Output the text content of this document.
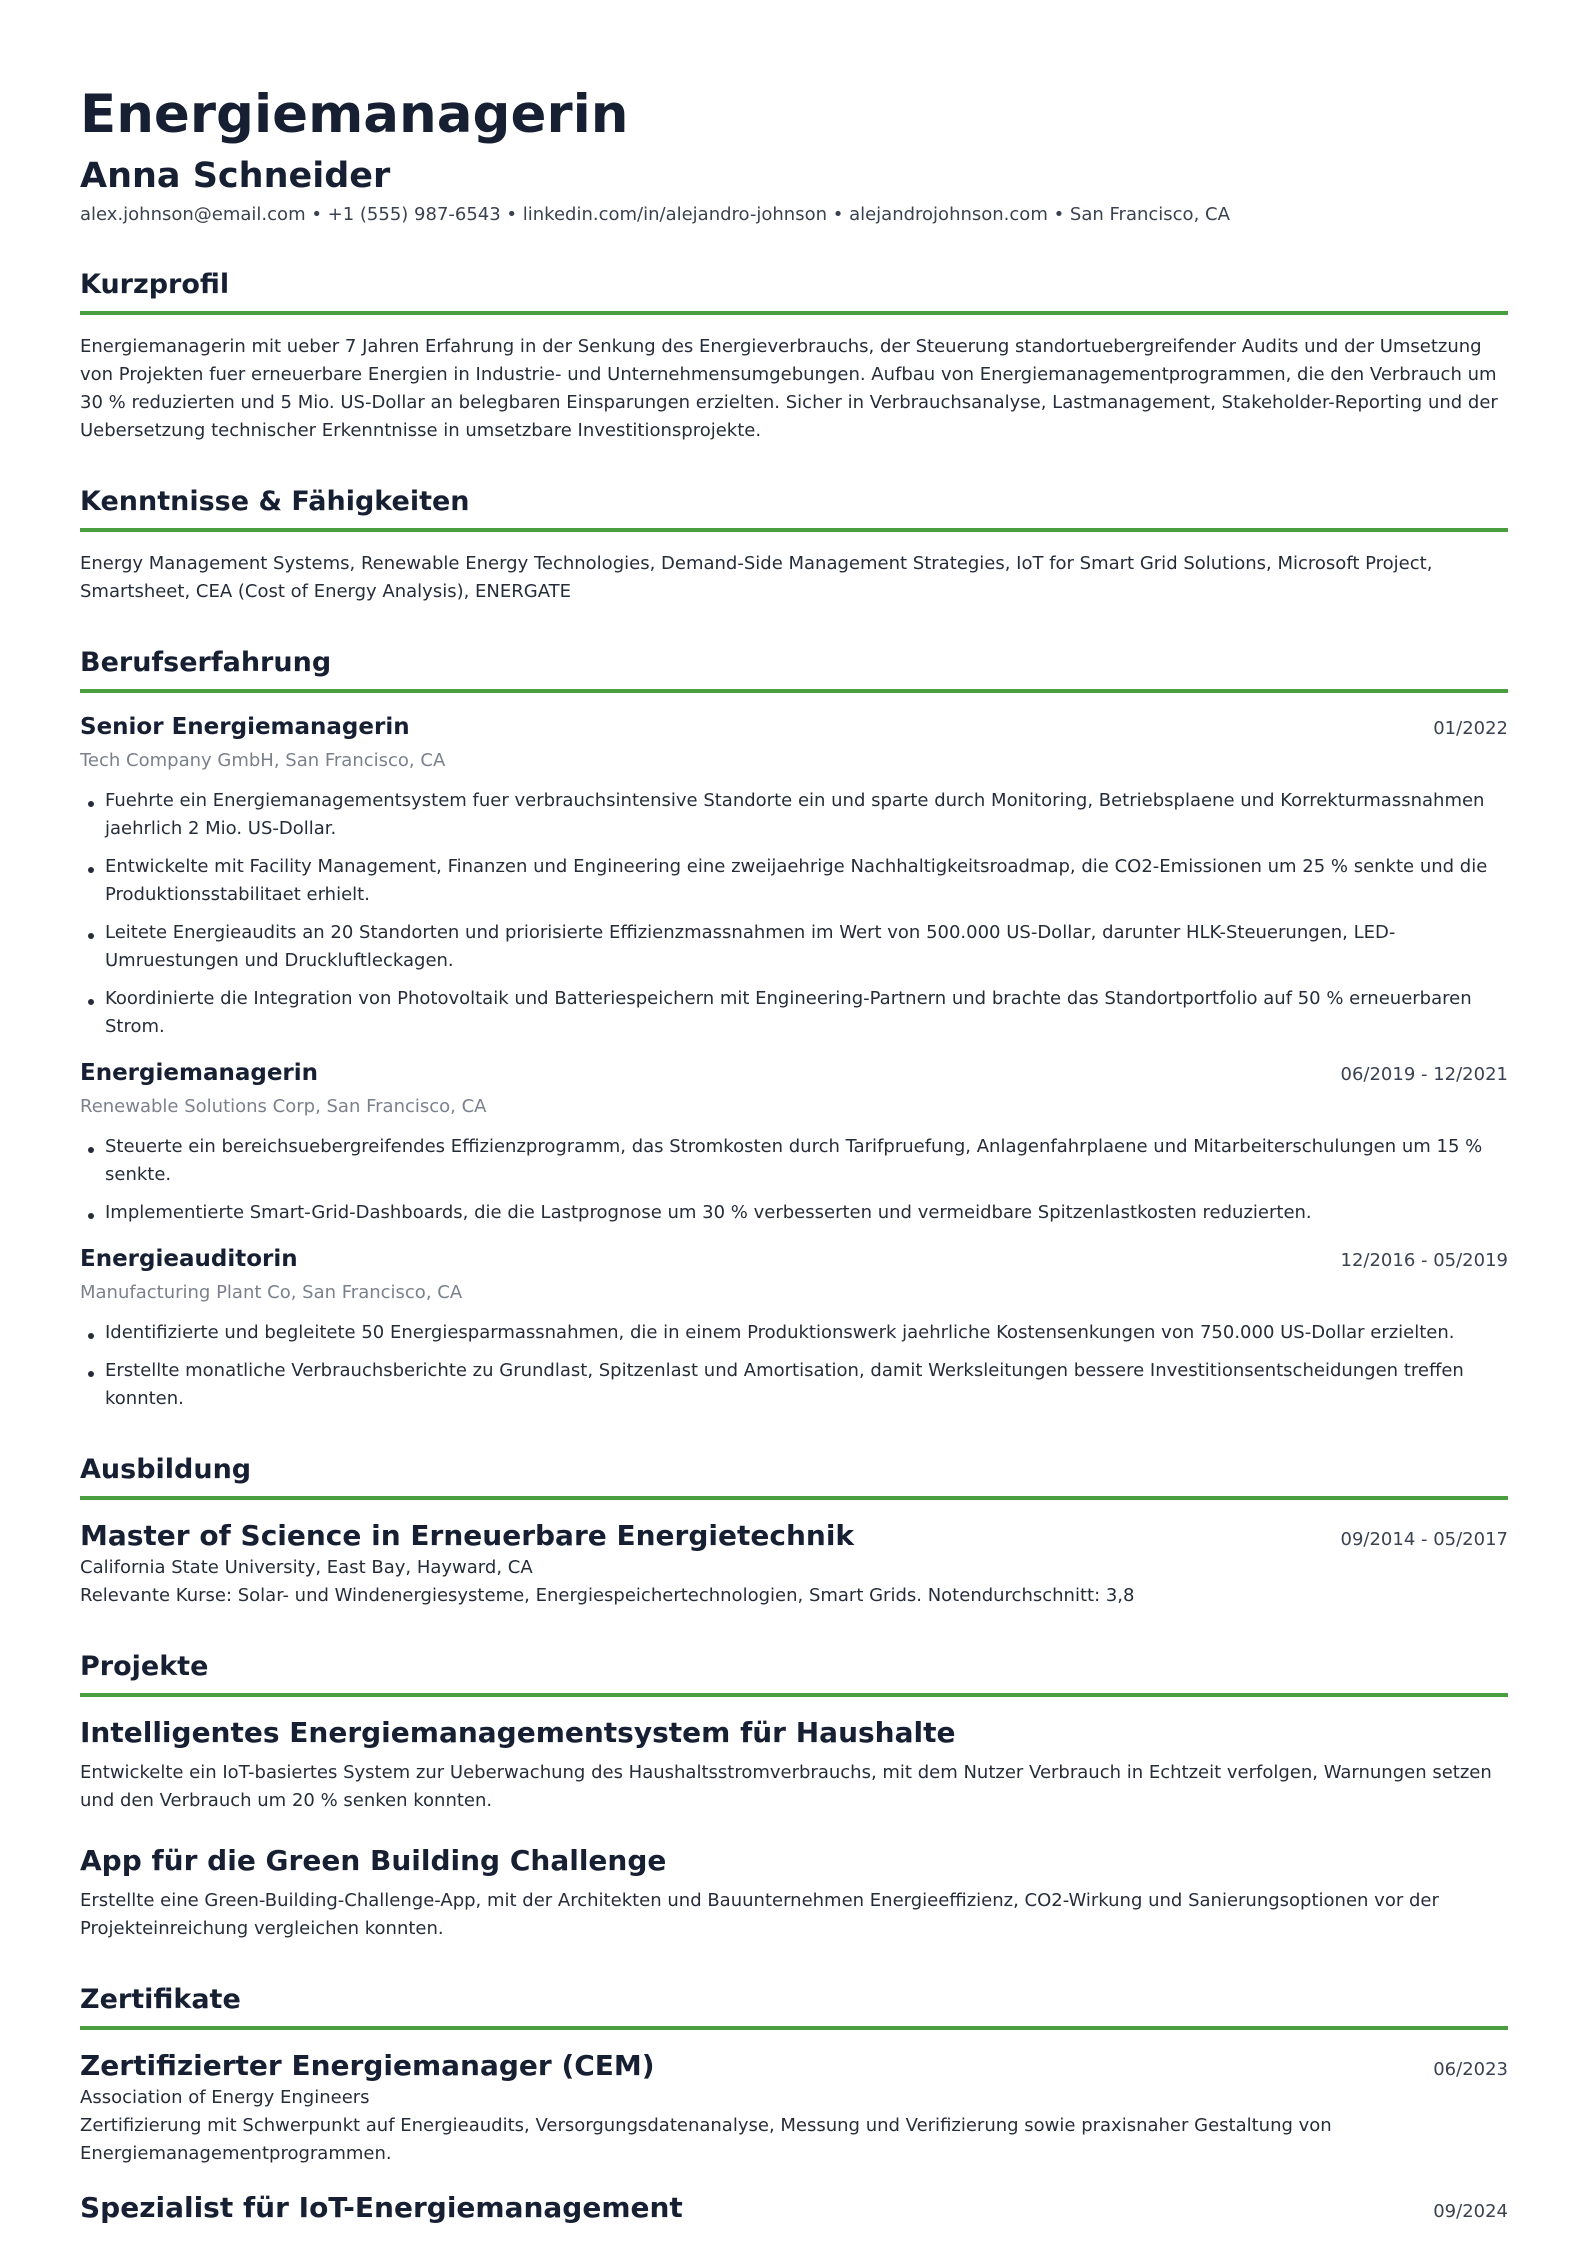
Energiemanagerin
Anna Schneider
alex.johnson@email.com • +1 (555) 987-6543 • linkedin.com/in/alejandro-johnson • alejandrojohnson.com • San Francisco, CA
Kurzprofil

Energiemanagerin mit ueber 7 Jahren Erfahrung in der Senkung des Energieverbrauchs, der Steuerung standortuebergreifender Audits und der Umsetzung von Projekten fuer erneuerbare Energien in Industrie- und Unternehmensumgebungen. Aufbau von Energiemanagementprogrammen, die den Verbrauch um 30 % reduzierten und 5 Mio. US-Dollar an belegbaren Einsparungen erzielten. Sicher in Verbrauchsanalyse, Lastmanagement, Stakeholder-Reporting und der Uebersetzung technischer Erkenntnisse in umsetzbare Investitionsprojekte.

Kenntnisse & Fähigkeiten

Energy Management Systems, Renewable Energy Technologies, Demand-Side Management Strategies, IoT for Smart Grid Solutions, Microsoft Project, Smartsheet, CEA (Cost of Energy Analysis), ENERGATE

Berufserfahrung
Senior Energiemanagerin	01/2022
Tech Company GmbH, San Francisco, CA
Fuehrte ein Energiemanagementsystem fuer verbrauchsintensive Standorte ein und sparte durch Monitoring, Betriebsplaene und Korrekturmassnahmen jaehrlich 2 Mio. US-Dollar.
Entwickelte mit Facility Management, Finanzen und Engineering eine zweijaehrige Nachhaltigkeitsroadmap, die CO2-Emissionen um 25 % senkte und die Produktionsstabilitaet erhielt.
Leitete Energieaudits an 20 Standorten und priorisierte Effizienzmassnahmen im Wert von 500.000 US-Dollar, darunter HLK-Steuerungen, LED-Umruestungen und Druckluftleckagen.
Koordinierte die Integration von Photovoltaik und Batteriespeichern mit Engineering-Partnern und brachte das Standortportfolio auf 50 % erneuerbaren Strom.
Energiemanagerin	06/2019 - 12/2021
Renewable Solutions Corp, San Francisco, CA
Steuerte ein bereichsuebergreifendes Effizienzprogramm, das Stromkosten durch Tarifpruefung, Anlagenfahrplaene und Mitarbeiterschulungen um 15 % senkte.
Implementierte Smart-Grid-Dashboards, die die Lastprognose um 30 % verbesserten und vermeidbare Spitzenlastkosten reduzierten.
Energieauditorin	12/2016 - 05/2019
Manufacturing Plant Co, San Francisco, CA
Identifizierte und begleitete 50 Energiesparmassnahmen, die in einem Produktionswerk jaehrliche Kostensenkungen von 750.000 US-Dollar erzielten.
Erstellte monatliche Verbrauchsberichte zu Grundlast, Spitzenlast und Amortisation, damit Werksleitungen bessere Investitionsentscheidungen treffen konnten.
Ausbildung
Master of Science in Erneuerbare Energietechnik	09/2014 - 05/2017
California State University, East Bay, Hayward, CA
Relevante Kurse: Solar- und Windenergiesysteme, Energiespeichertechnologien, Smart Grids. Notendurchschnitt: 3,8
Projekte
Intelligentes Energiemanagementsystem für Haushalte

Entwickelte ein IoT-basiertes System zur Ueberwachung des Haushaltsstromverbrauchs, mit dem Nutzer Verbrauch in Echtzeit verfolgen, Warnungen setzen und den Verbrauch um 20 % senken konnten.

App für die Green Building Challenge

Erstellte eine Green-Building-Challenge-App, mit der Architekten und Bauunternehmen Energieeffizienz, CO2-Wirkung und Sanierungsoptionen vor der Projekteinreichung vergleichen konnten.

Zertifikate
Zertifizierter Energiemanager (CEM)	06/2023
Association of Energy Engineers
Zertifizierung mit Schwerpunkt auf Energieaudits, Versorgungsdatenanalyse, Messung und Verifizierung sowie praxisnaher Gestaltung von Energiemanagementprogrammen.
Spezialist für IoT-Energiemanagement	09/2024
